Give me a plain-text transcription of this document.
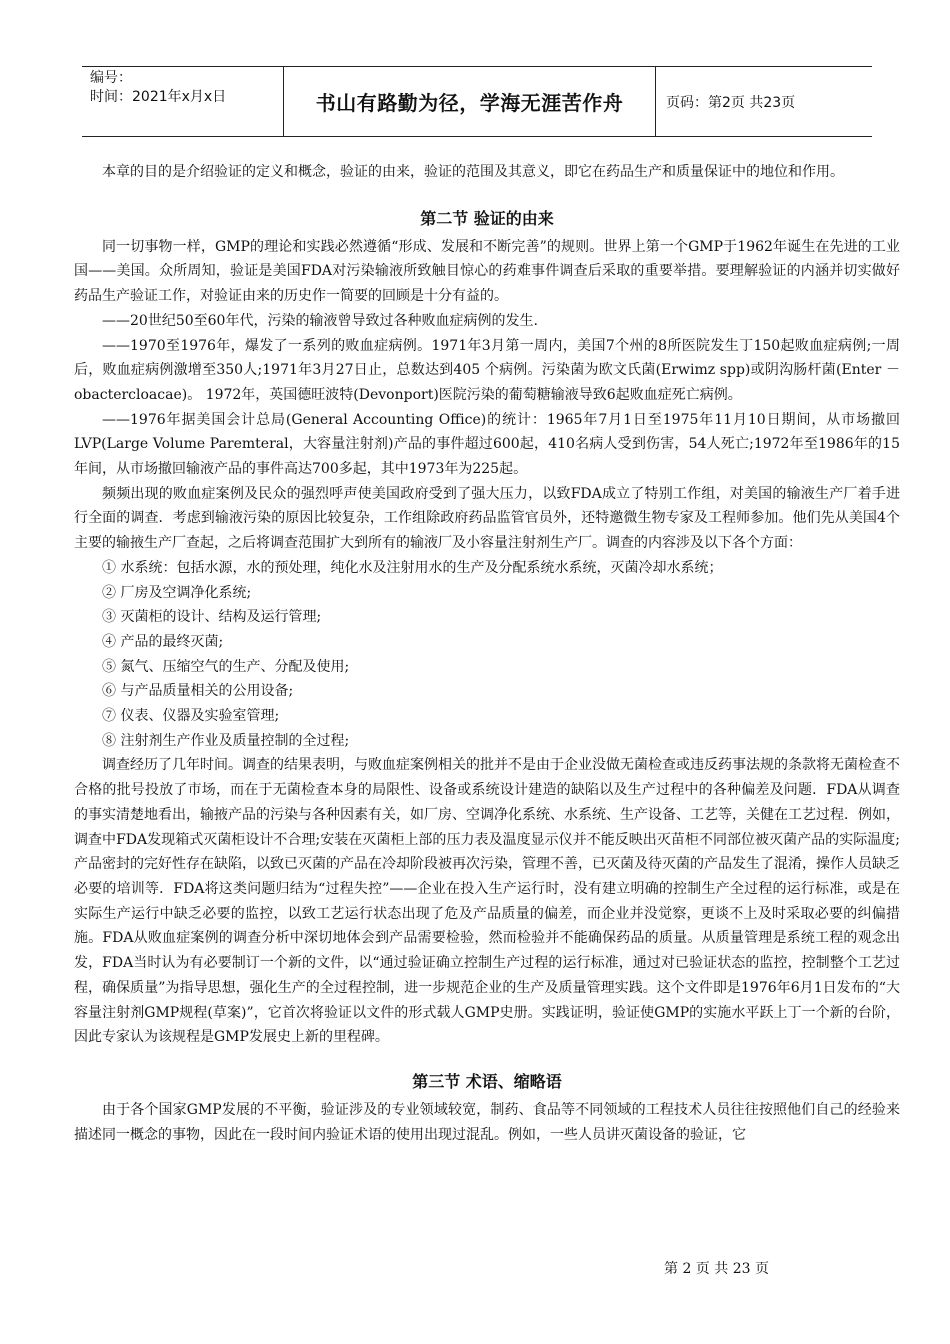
编号：
时间：2021年x月x日	书山有路勤为径，学海无涯苦作舟	页码：第2页 共23页

本章的目的是介绍验证的定义和概念，验证的由来，验证的范围及其意义，即它在药品生产和质量保证中的地位和作用。

第二节 验证的由来

同一切事物一样，GMP的理论和实践必然遵循“形成、发展和不断完善”的规则。世界上第一个GMP于1962年诞生在先进的工业国——美国。众所周知，验证是美国FDA对污染输液所致触目惊心的药难事件调查后采取的重要举措。要理解验证的内涵并切实做好药品生产验证工作，对验证由来的历史作一简要的回顾是十分有益的。

——20世纪50至60年代，污染的输液曾导致过各种败血症病例的发生.

——1970至1976年，爆发了一系列的败血症病例。1971年3月第一周内，美国7个州的8所医院发生丁150起败血症病例;一周后，败血症病例激增至350人;1971年3月27日止，总数达到405 个病例。污染菌为欧文氏菌(Erwimz spp)或阴沟肠杆菌(Enter －obactercloacae)。 1972年，英国德旺波特(Devonport)医院污染的葡萄糖输液导致6起败血症死亡病例。

——1976年据美国会计总局(General Accounting Office)的统计：1965年7月1日至1975年11月10日期间，从市场撤回LVP(Large Volume Paremteral，大容量注射剂)产品的事件超过600起，410名病人受到伤害，54人死亡;1972年至1986年的15年间，从市场撤回输液产品的事件高达700多起，其中1973年为225起。

频频出现的败血症案例及民众的强烈呼声使美国政府受到了强大压力，以致FDA成立了特别工作组，对美国的输液生产厂着手进行全面的调查．考虑到输液污染的原因比较复杂，工作组除政府药品监管官员外，还特邀微生物专家及工程师参加。他们先从美国4个主要的输掖生产厂查起，之后将调查范围扩大到所有的输液厂及小容量注射剂生产厂。调查的内容涉及以下各个方面：

① 水系统：包括水源，水的预处理，纯化水及注射用水的生产及分配系统水系统，灭菌冷却水系统；

② 厂房及空调净化系统;

③ 灭菌柜的设计、结构及运行管理;

④ 产品的最终灭菌;

⑤ 氮气、压缩空气的生产、分配及使用;

⑥ 与产品质量相关的公用设备;

⑦ 仪表、仪器及实验室管理;

⑧ 注射剂生产作业及质量控制的全过程;

调查经历了几年时间。调查的结果表明，与败血症案例相关的批并不是由于企业没做无菌检查或违反药事法规的条款将无菌检查不合格的批号投放了市场，而在于无菌检查本身的局限性、设备或系统设计建造的缺陷以及生产过程中的各种偏差及问题．FDA从调查的事实清楚地看出，输掖产品的污染与各种因素有关，如厂房、空调净化系统、水系统、生产设备、工艺等，关健在工艺过程．例如，调查中FDA发现箱式灭菌柜设计不合理;安装在灭菌柜上部的压力表及温度显示仪并不能反映出灭苗柜不同部位被灭菌产品的实际温度;产品密封的完好性存在缺陷，以致已灭菌的产品在冷却阶段被再次污染，管理不善，已灭菌及待灭菌的产品发生了混淆，操作人员缺乏必要的培训等．FDA将这类问题归结为“过程失控”——企业在投入生产运行时，没有建立明确的控制生产全过程的运行标准，或是在实际生产运行中缺乏必要的监控，以致工艺运行状态出现了危及产品质量的偏差，而企业并没觉察，更谈不上及时采取必要的纠偏措施。FDA从败血症案例的调查分析中深切地体会到产品需要检验，然而检验并不能确保药品的质量。从质量管理是系统工程的观念出发，FDA当时认为有必要制订一个新的文件，以“通过验证确立控制生产过程的运行标准，通过对已验证状态的监控，控制整个工艺过程，确保质量”为指导思想，强化生产的全过程控制，进一步规范企业的生产及质量管理实践。这个文件即是1976年6月1日发布的“大容量注射剂GMP规程(草案)”，它首次将验证以文件的形式载人GMP史册。实践证明，验证使GMP的实施水平跃上丁一个新的台阶，因此专家认为该规程是GMP发展史上新的里程碑。

第三节 术语、缩略语

由于各个国家GMP发展的不平衡，验证涉及的专业领域较宽，制药、食品等不同领域的工程技术人员往往按照他们自己的经验来描述同一概念的事物，因此在一段时间内验证术语的使用出现过混乱。例如，一些人员讲灭菌设备的验证，它

第 2 页 共 23 页
